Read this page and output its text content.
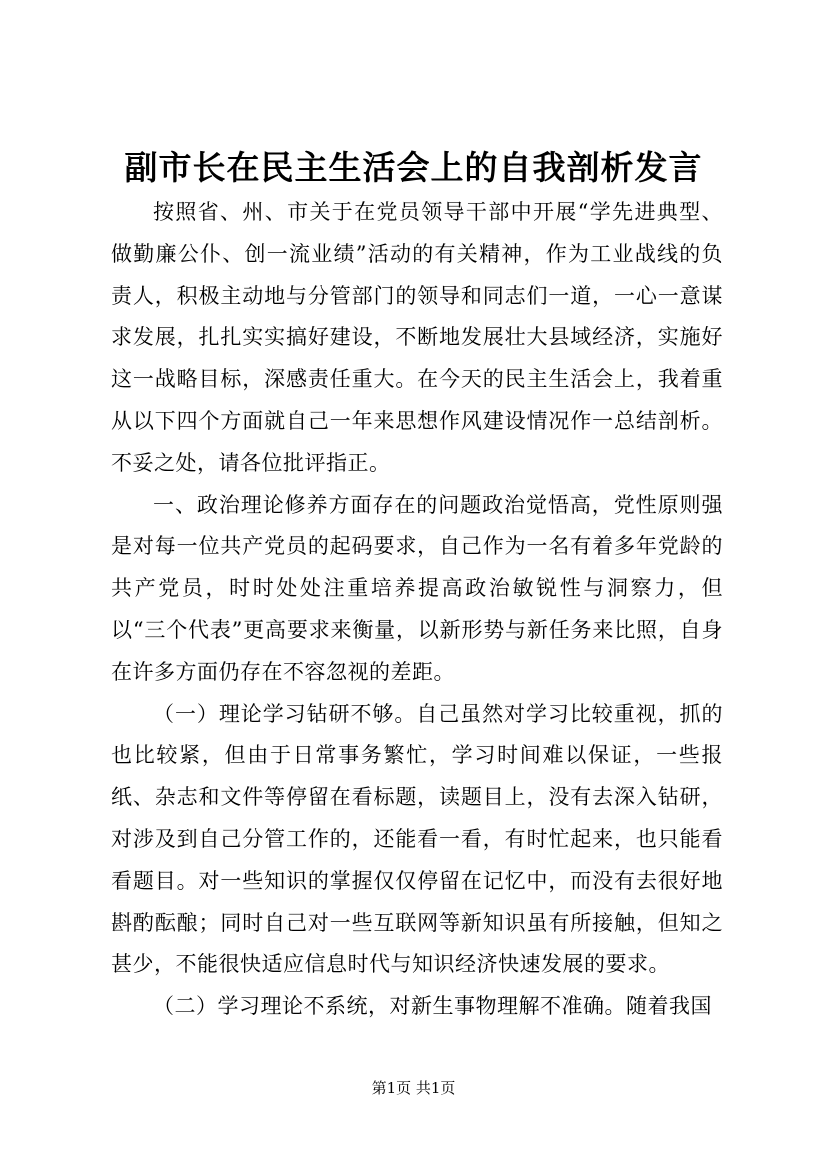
副市长在民主生活会上的自我剖析发言

按照省、州、市关于在党员领导干部中开展“学先进典型、做勤廉公仆、创一流业绩”活动的有关精神，作为工业战线的负责人，积极主动地与分管部门的领导和同志们一道，一心一意谋求发展，扎扎实实搞好建设，不断地发展壮大县域经济，实施好这一战略目标，深感责任重大。在今天的民主生活会上，我着重从以下四个方面就自己一年来思想作风建设情况作一总结剖析。不妥之处，请各位批评指正。

一、政治理论修养方面存在的问题政治觉悟高，党性原则强是对每一位共产党员的起码要求，自己作为一名有着多年党龄的共产党员，时时处处注重培养提高政治敏锐性与洞察力，但以“三个代表”更高要求来衡量，以新形势与新任务来比照，自身在许多方面仍存在不容忽视的差距。

（一）理论学习钻研不够。自己虽然对学习比较重视，抓的也比较紧，但由于日常事务繁忙，学习时间难以保证，一些报纸、杂志和文件等停留在看标题，读题目上，没有去深入钻研，对涉及到自己分管工作的，还能看一看，有时忙起来，也只能看看题目。对一些知识的掌握仅仅停留在记忆中，而没有去很好地斟酌酝酿；同时自己对一些互联网等新知识虽有所接触，但知之甚少，不能很快适应信息时代与知识经济快速发展的要求。

（二）学习理论不系统，对新生事物理解不准确。随着我国

第1页 共1页
